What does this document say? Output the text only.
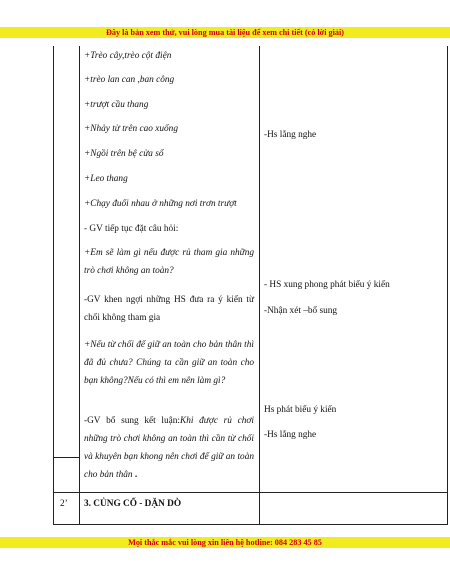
Đây là bản xem thử, vui lòng mua tài liệu để xem chi tiết (có lời giải)
+Trèo cây,trèo cột điện
+trèo lan can ,ban công
+trượt cầu thang
+Nhảy từ trên cao xuống
+Ngồi trên bệ cửa sổ
+Leo thang
+Chạy đuổi nhau ở những nơi trơn trượt
- GV tiếp tục đặt câu hỏi:
+Em sẽ làm gì nếu được rủ tham gia những trò chơi không an toàn?
-GV khen ngợi những HS đưa ra ý kiến từ chối không tham gia
+Nếu từ chối để giữ an toàn cho bản thân thì đã đủ chưa? Chúng ta cần giữ an toàn cho bạn không?Nếu có thì em nên làm gì?
-GV bổ sung kết luận:Khi được rủ chơi những trò chơi không an toàn thì cần từ chối và khuyên bạn khong nên chơi để giữ an toàn cho bản thân .
-Hs lắng nghe
- HS xung phong phát biểu ý kiến
-Nhận xét –bổ sung
Hs phát biểu ý kiến
-Hs lắng nghe
2’ 3. CỦNG CỐ - DẶN DÒ
Mọi thắc mắc vui lòng xin liên hệ hotline: 084 283 45 85
